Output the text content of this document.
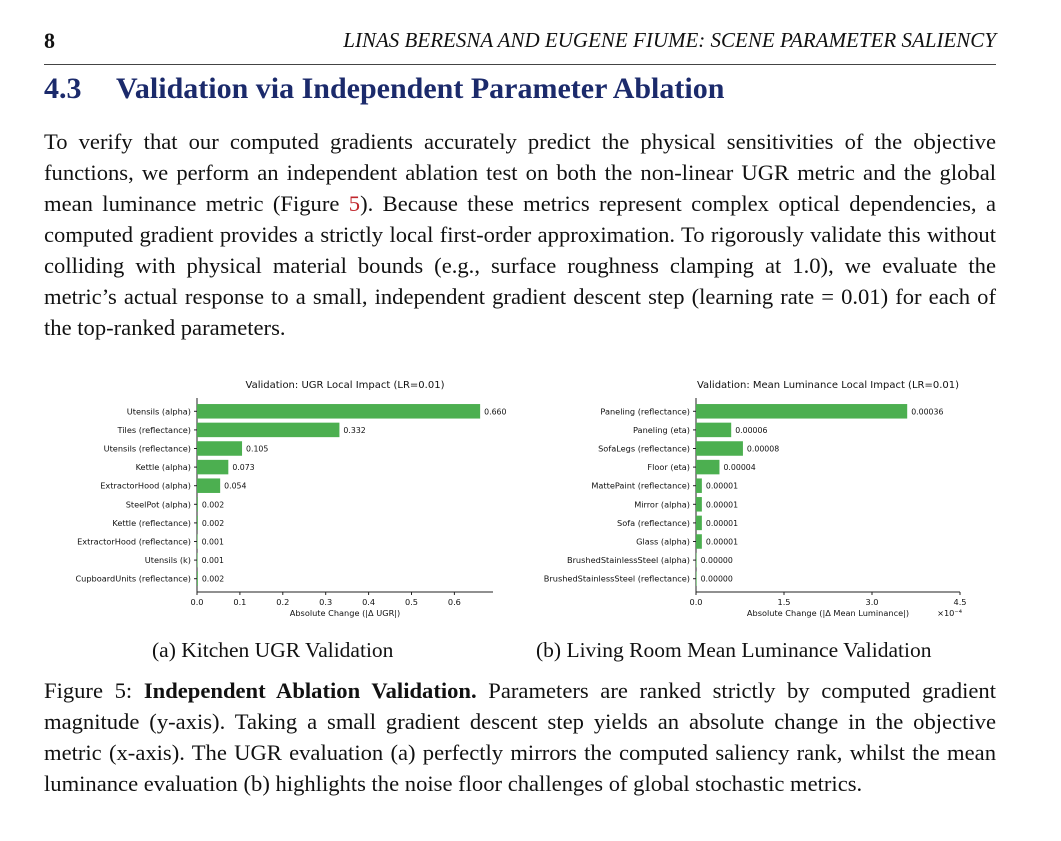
8	LINAS BERESNA AND EUGENE FIUME: SCENE PARAMETER SALIENCY
4.3 Validation via Independent Parameter Ablation

To verify that our computed gradients accurately predict the physical sensitivities of the objective functions, we perform an independent ablation test on both the non-linear UGR metric and the global mean luminance metric (Figure 5). Because these metrics represent complex optical dependencies, a computed gradient provides a strictly local first-order approximation. To rigorously validate this without colliding with physical material bounds (e.g., surface roughness clamping at 1.0), we evaluate the metric’s actual response to a small, independent gradient descent step (learning rate = 0.01) for each of the top-ranked parameters.

Validation: UGR Local Impact (LR=0.01)
Utensils (alpha)	0.660
Tiles (reflectance)	0.332
Utensils (reflectance)	0.105
Kettle (alpha)	0.073
ExtractorHood (alpha)	0.054
SteelPot (alpha) 0.002
Kettle (reflectance) 0.002
ExtractorHood (reflectance) 0.001
Utensils (k) 0.001
CupboardUnits (reflectance) 0.002
0.0	0.1	0.2	0.3	0.4	0.5	0.6
Absolute Change (|Δ UGR|)
Validation: Mean Luminance Local Impact (LR=0.01)
Paneling (reflectance)	0.00036
Paneling (eta)	0.00006
SofaLegs (reflectance)	0.00008
Floor (eta)	0.00004
MattePaint (reflectance) 0.00001
Mirror (alpha) 0.00001
Sofa (reflectance) 0.00001
Glass (alpha) 0.00001
BrushedStainlessSteel (alpha) 0.00000
BrushedStainlessSteel (reflectance) 0.00000
0.0	1.5	3.0	4.5
Absolute Change (|Δ Mean Luminance|)	×10⁻⁴
(a) Kitchen UGR Validation	(b) Living Room Mean Luminance Validation

Figure 5: Independent Ablation Validation. Parameters are ranked strictly by computed gradient magnitude (y-axis). Taking a small gradient descent step yields an absolute change in the objective metric (x-axis). The UGR evaluation (a) perfectly mirrors the computed saliency rank, whilst the mean luminance evaluation (b) highlights the noise floor challenges of global stochastic metrics.
